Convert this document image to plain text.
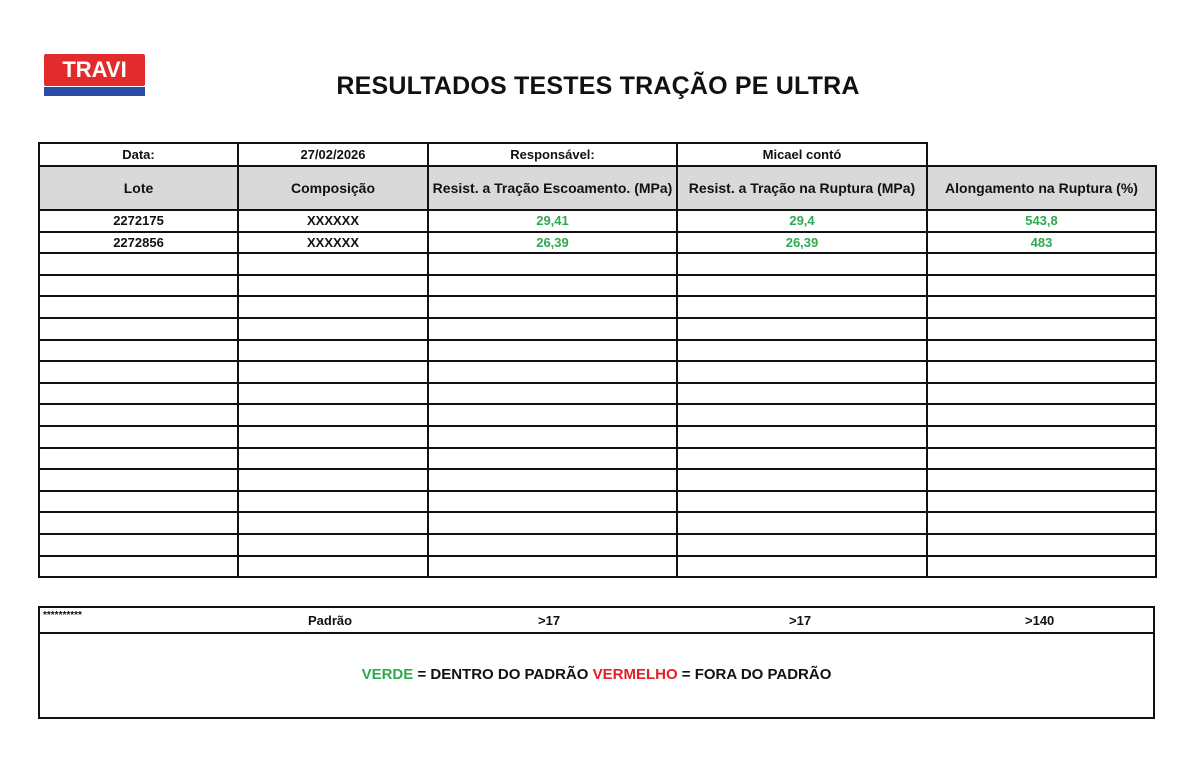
TRAVI
RESULTADOS TESTES TRAÇÃO PE ULTRA
Data:	27/02/2026	Responsável:	Micael contó	
Lote	Composição	Resist. a Tração Escoamento. (MPa)	Resist. a Tração na Ruptura (MPa)	Alongamento na Ruptura (%)
2272175	XXXXXX	29,41	29,4	543,8
2272856	XXXXXX	26,39	26,39	483

**********	Padrão	>17	>17	>140
VERDE = DENTRO DO PADRÃO VERMELHO = FORA DO PADRÃO
